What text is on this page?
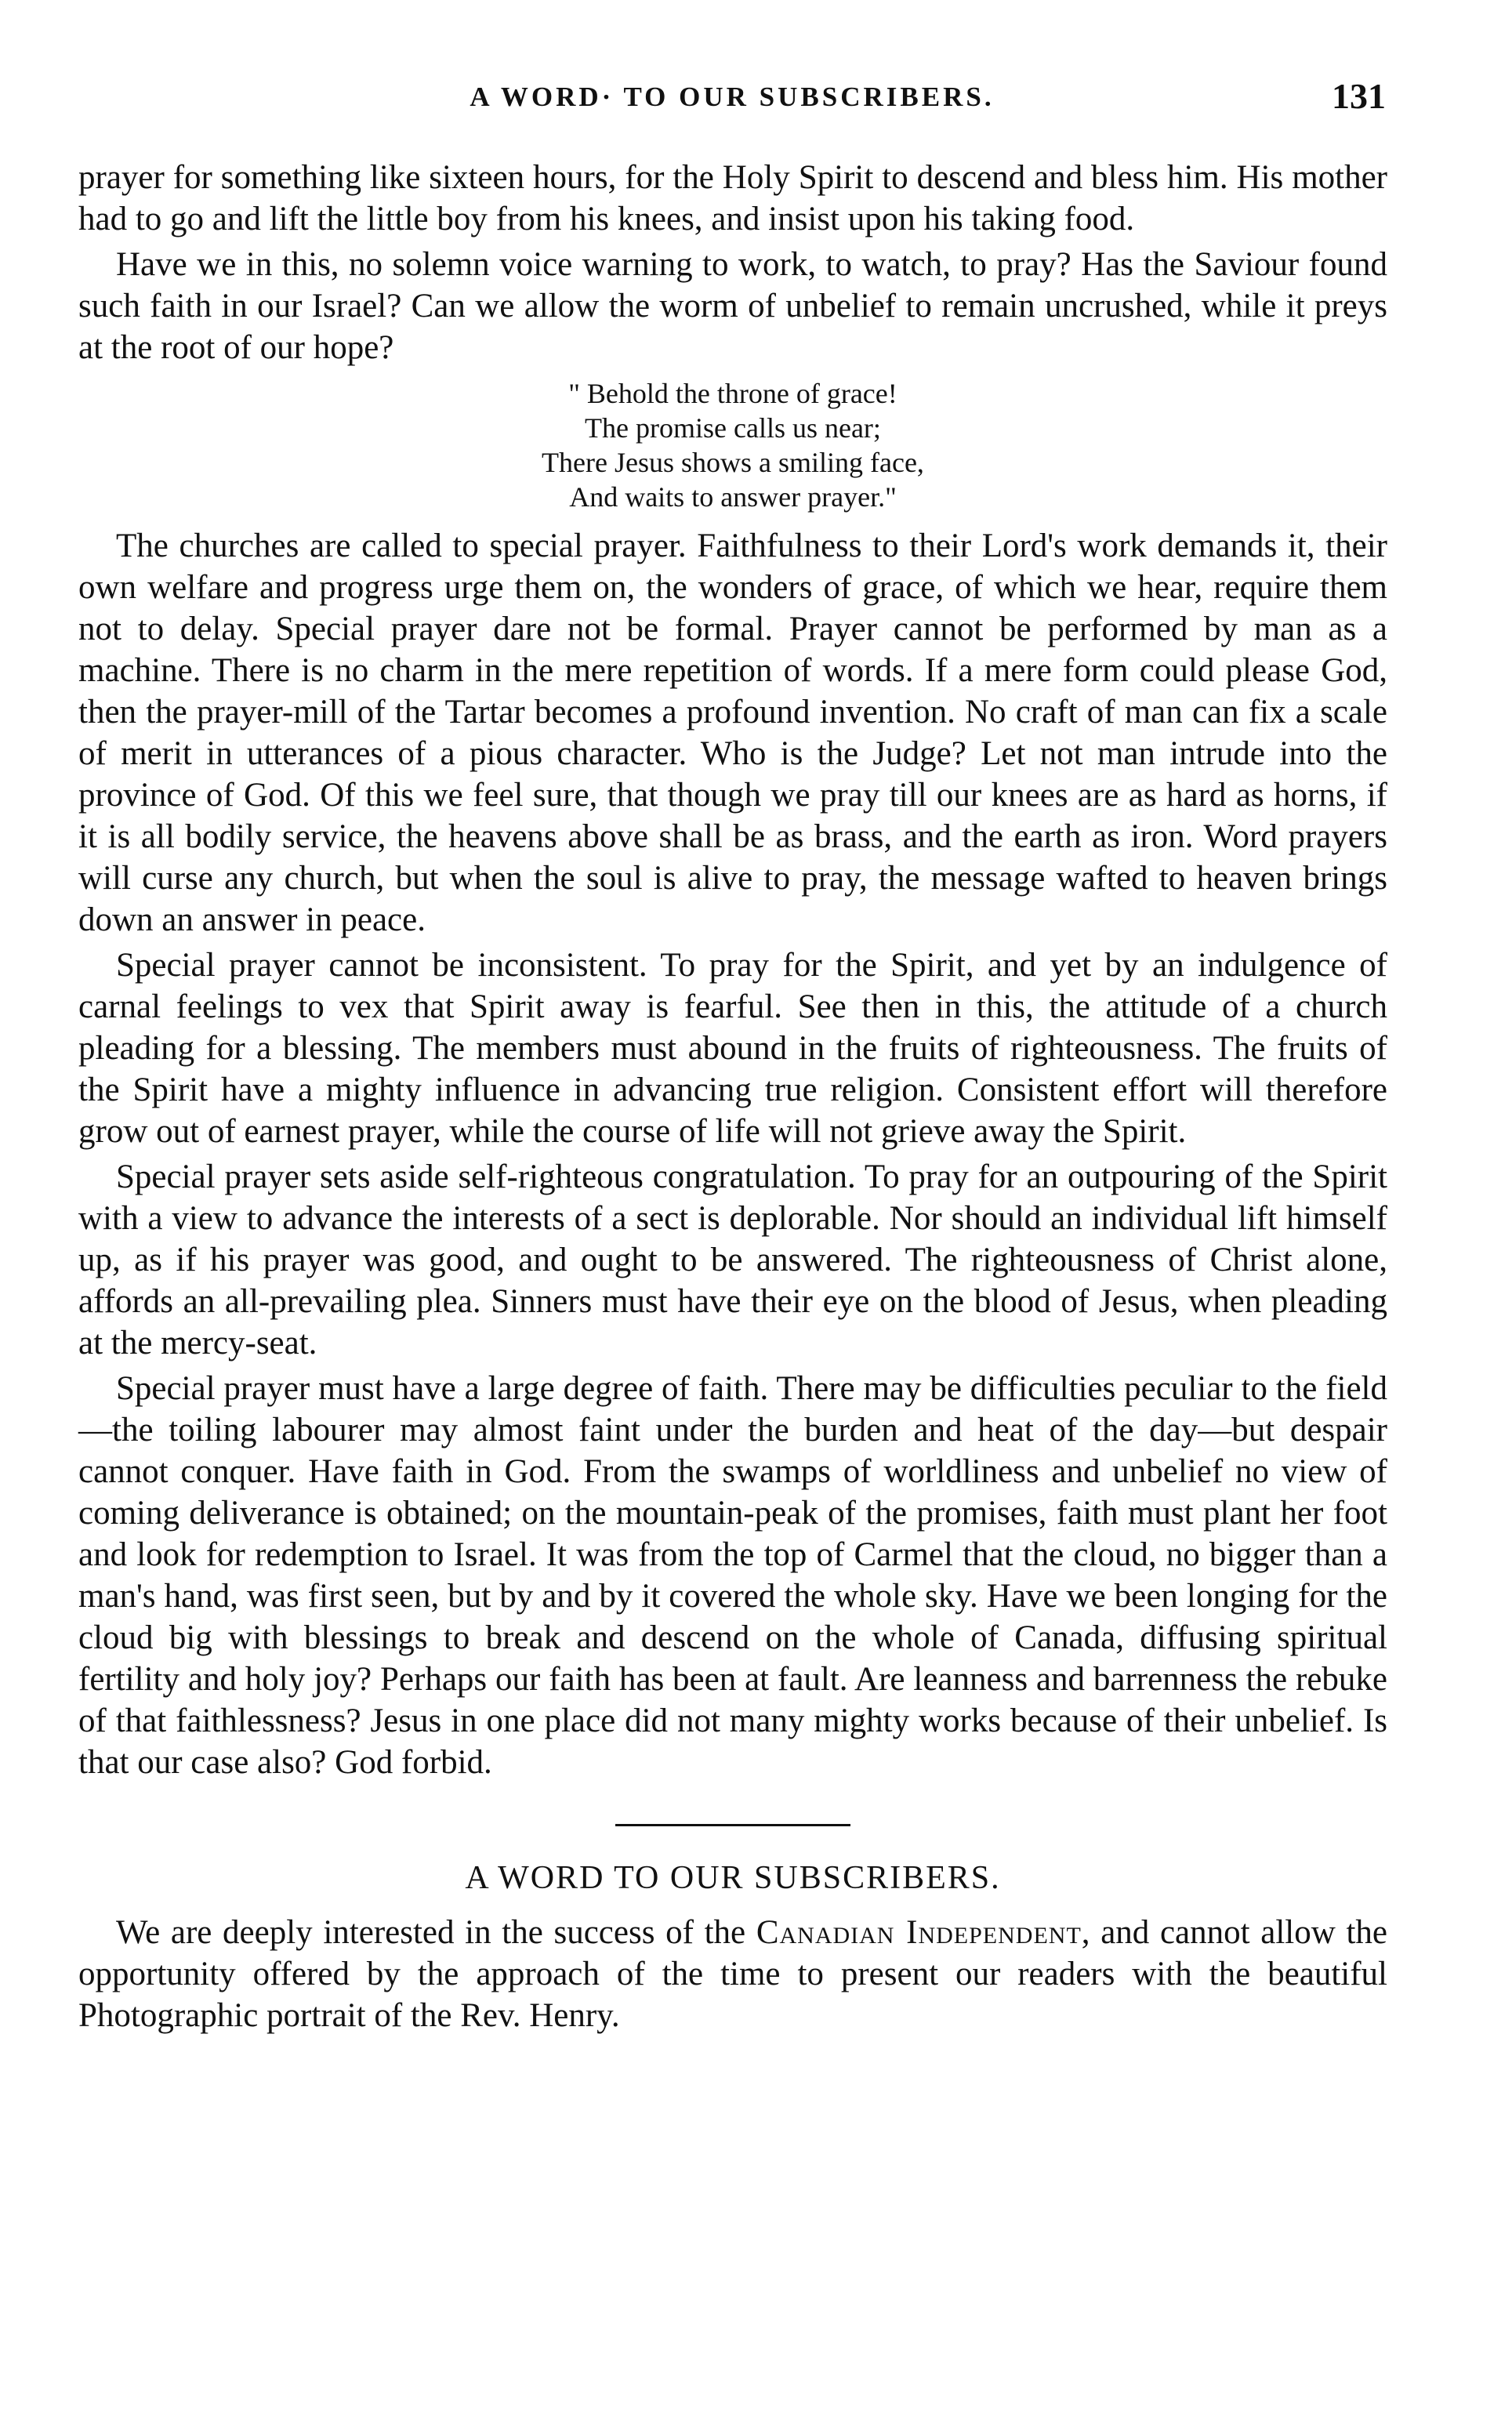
A WORD· TO OUR SUBSCRIBERS.	131

prayer for something like sixteen hours, for the Holy Spirit to descend and bless him. His mother had to go and lift the little boy from his knees, and insist upon his taking food.

Have we in this, no solemn voice warning to work, to watch, to pray? Has the Saviour found such faith in our Israel? Can we allow the worm of unbelief to remain uncrushed, while it preys at the root of our hope?

" Behold the throne of grace!
The promise calls us near;
There Jesus shows a smiling face,
And waits to answer prayer."

The churches are called to special prayer. Faithfulness to their Lord's work demands it, their own welfare and progress urge them on, the wonders of grace, of which we hear, require them not to delay. Special prayer dare not be formal. Prayer cannot be performed by man as a machine. There is no charm in the mere repetition of words. If a mere form could please God, then the prayer-mill of the Tartar becomes a profound invention. No craft of man can fix a scale of merit in utterances of a pious character. Who is the Judge? Let not man intrude into the province of God. Of this we feel sure, that though we pray till our knees are as hard as horns, if it is all bodily service, the heavens above shall be as brass, and the earth as iron. Word prayers will curse any church, but when the soul is alive to pray, the message wafted to heaven brings down an answer in peace.

Special prayer cannot be inconsistent. To pray for the Spirit, and yet by an indulgence of carnal feelings to vex that Spirit away is fearful. See then in this, the attitude of a church pleading for a blessing. The members must abound in the fruits of righteousness. The fruits of the Spirit have a mighty influence in advancing true religion. Consistent effort will therefore grow out of earnest prayer, while the course of life will not grieve away the Spirit.

Special prayer sets aside self-righteous congratulation. To pray for an outpouring of the Spirit with a view to advance the interests of a sect is deplorable. Nor should an individual lift himself up, as if his prayer was good, and ought to be answered. The righteousness of Christ alone, affords an all-prevailing plea. Sinners must have their eye on the blood of Jesus, when pleading at the mercy-seat.

Special prayer must have a large degree of faith. There may be difficulties peculiar to the field—the toiling labourer may almost faint under the burden and heat of the day—but despair cannot conquer. Have faith in God. From the swamps of worldliness and unbelief no view of coming deliverance is obtained; on the mountain-peak of the promises, faith must plant her foot and look for redemption to Israel. It was from the top of Carmel that the cloud, no bigger than a man's hand, was first seen, but by and by it covered the whole sky. Have we been longing for the cloud big with blessings to break and descend on the whole of Canada, diffusing spiritual fertility and holy joy? Perhaps our faith has been at fault. Are leanness and barrenness the rebuke of that faithlessness? Jesus in one place did not many mighty works because of their unbelief. Is that our case also? God forbid.

A WORD TO OUR SUBSCRIBERS.

We are deeply interested in the success of the Canadian Independent, and cannot allow the opportunity offered by the approach of the time to present our readers with the beautiful Photographic portrait of the Rev. Henry.
